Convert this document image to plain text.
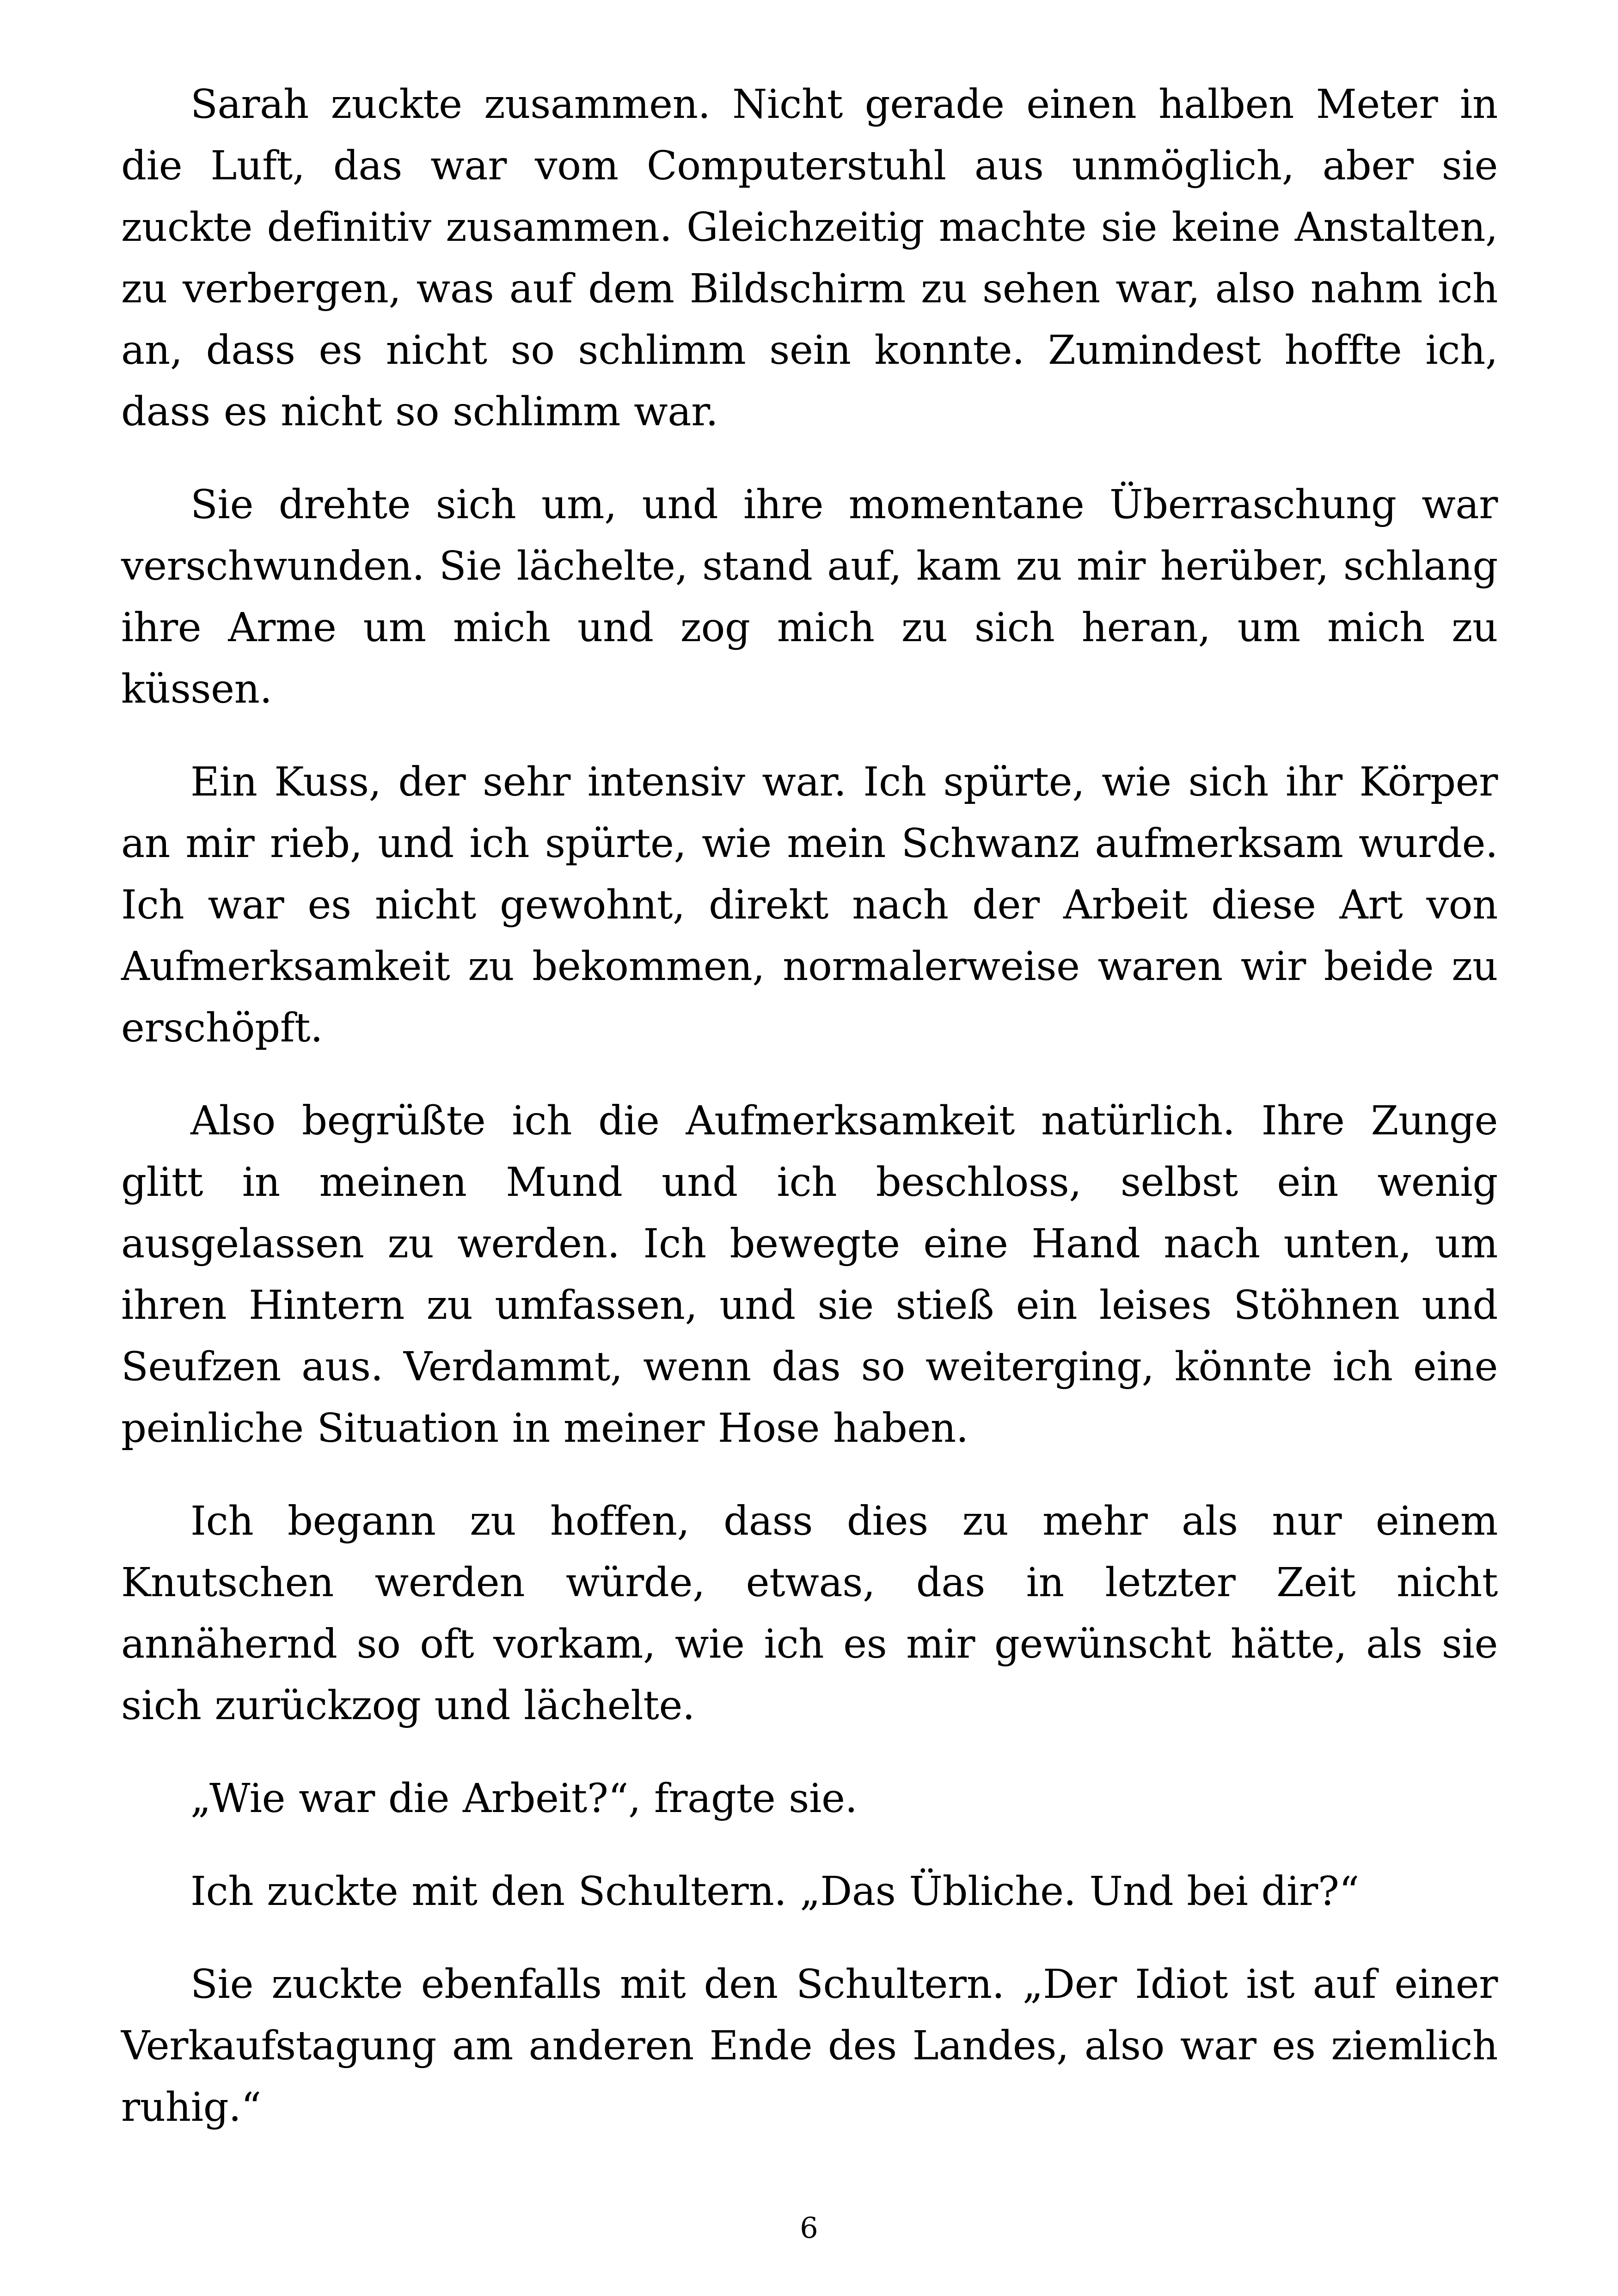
Sarah zuckte zusammen. Nicht gerade einen halben Meter in die Luft, das war vom Computerstuhl aus unmöglich, aber sie zuckte definitiv zusammen. Gleichzeitig machte sie keine Anstalten, zu verbergen, was auf dem Bildschirm zu sehen war, also nahm ich an, dass es nicht so schlimm sein konnte. Zumindest hoffte ich, dass es nicht so schlimm war.

Sie drehte sich um, und ihre momentane Überraschung war verschwunden. Sie lächelte, stand auf, kam zu mir herüber, schlang ihre Arme um mich und zog mich zu sich heran, um mich zu küssen.

Ein Kuss, der sehr intensiv war. Ich spürte, wie sich ihr Körper an mir rieb, und ich spürte, wie mein Schwanz aufmerksam wurde. Ich war es nicht gewohnt, direkt nach der Arbeit diese Art von Aufmerksamkeit zu bekommen, normalerweise waren wir beide zu erschöpft.

Also begrüßte ich die Aufmerksamkeit natürlich. Ihre Zunge glitt in meinen Mund und ich beschloss, selbst ein wenig ausgelassen zu werden. Ich bewegte eine Hand nach unten, um ihren Hintern zu umfassen, und sie stieß ein leises Stöhnen und Seufzen aus. Verdammt, wenn das so weiterging, könnte ich eine peinliche Situation in meiner Hose haben.

Ich begann zu hoffen, dass dies zu mehr als nur einem Knutschen werden würde, etwas, das in letzter Zeit nicht annähernd so oft vorkam, wie ich es mir gewünscht hätte, als sie sich zurückzog und lächelte.

„Wie war die Arbeit?“, fragte sie.

Ich zuckte mit den Schultern. „Das Übliche. Und bei dir?“

Sie zuckte ebenfalls mit den Schultern. „Der Idiot ist auf einer Verkaufstagung am anderen Ende des Landes, also war es ziemlich ruhig.“

6
